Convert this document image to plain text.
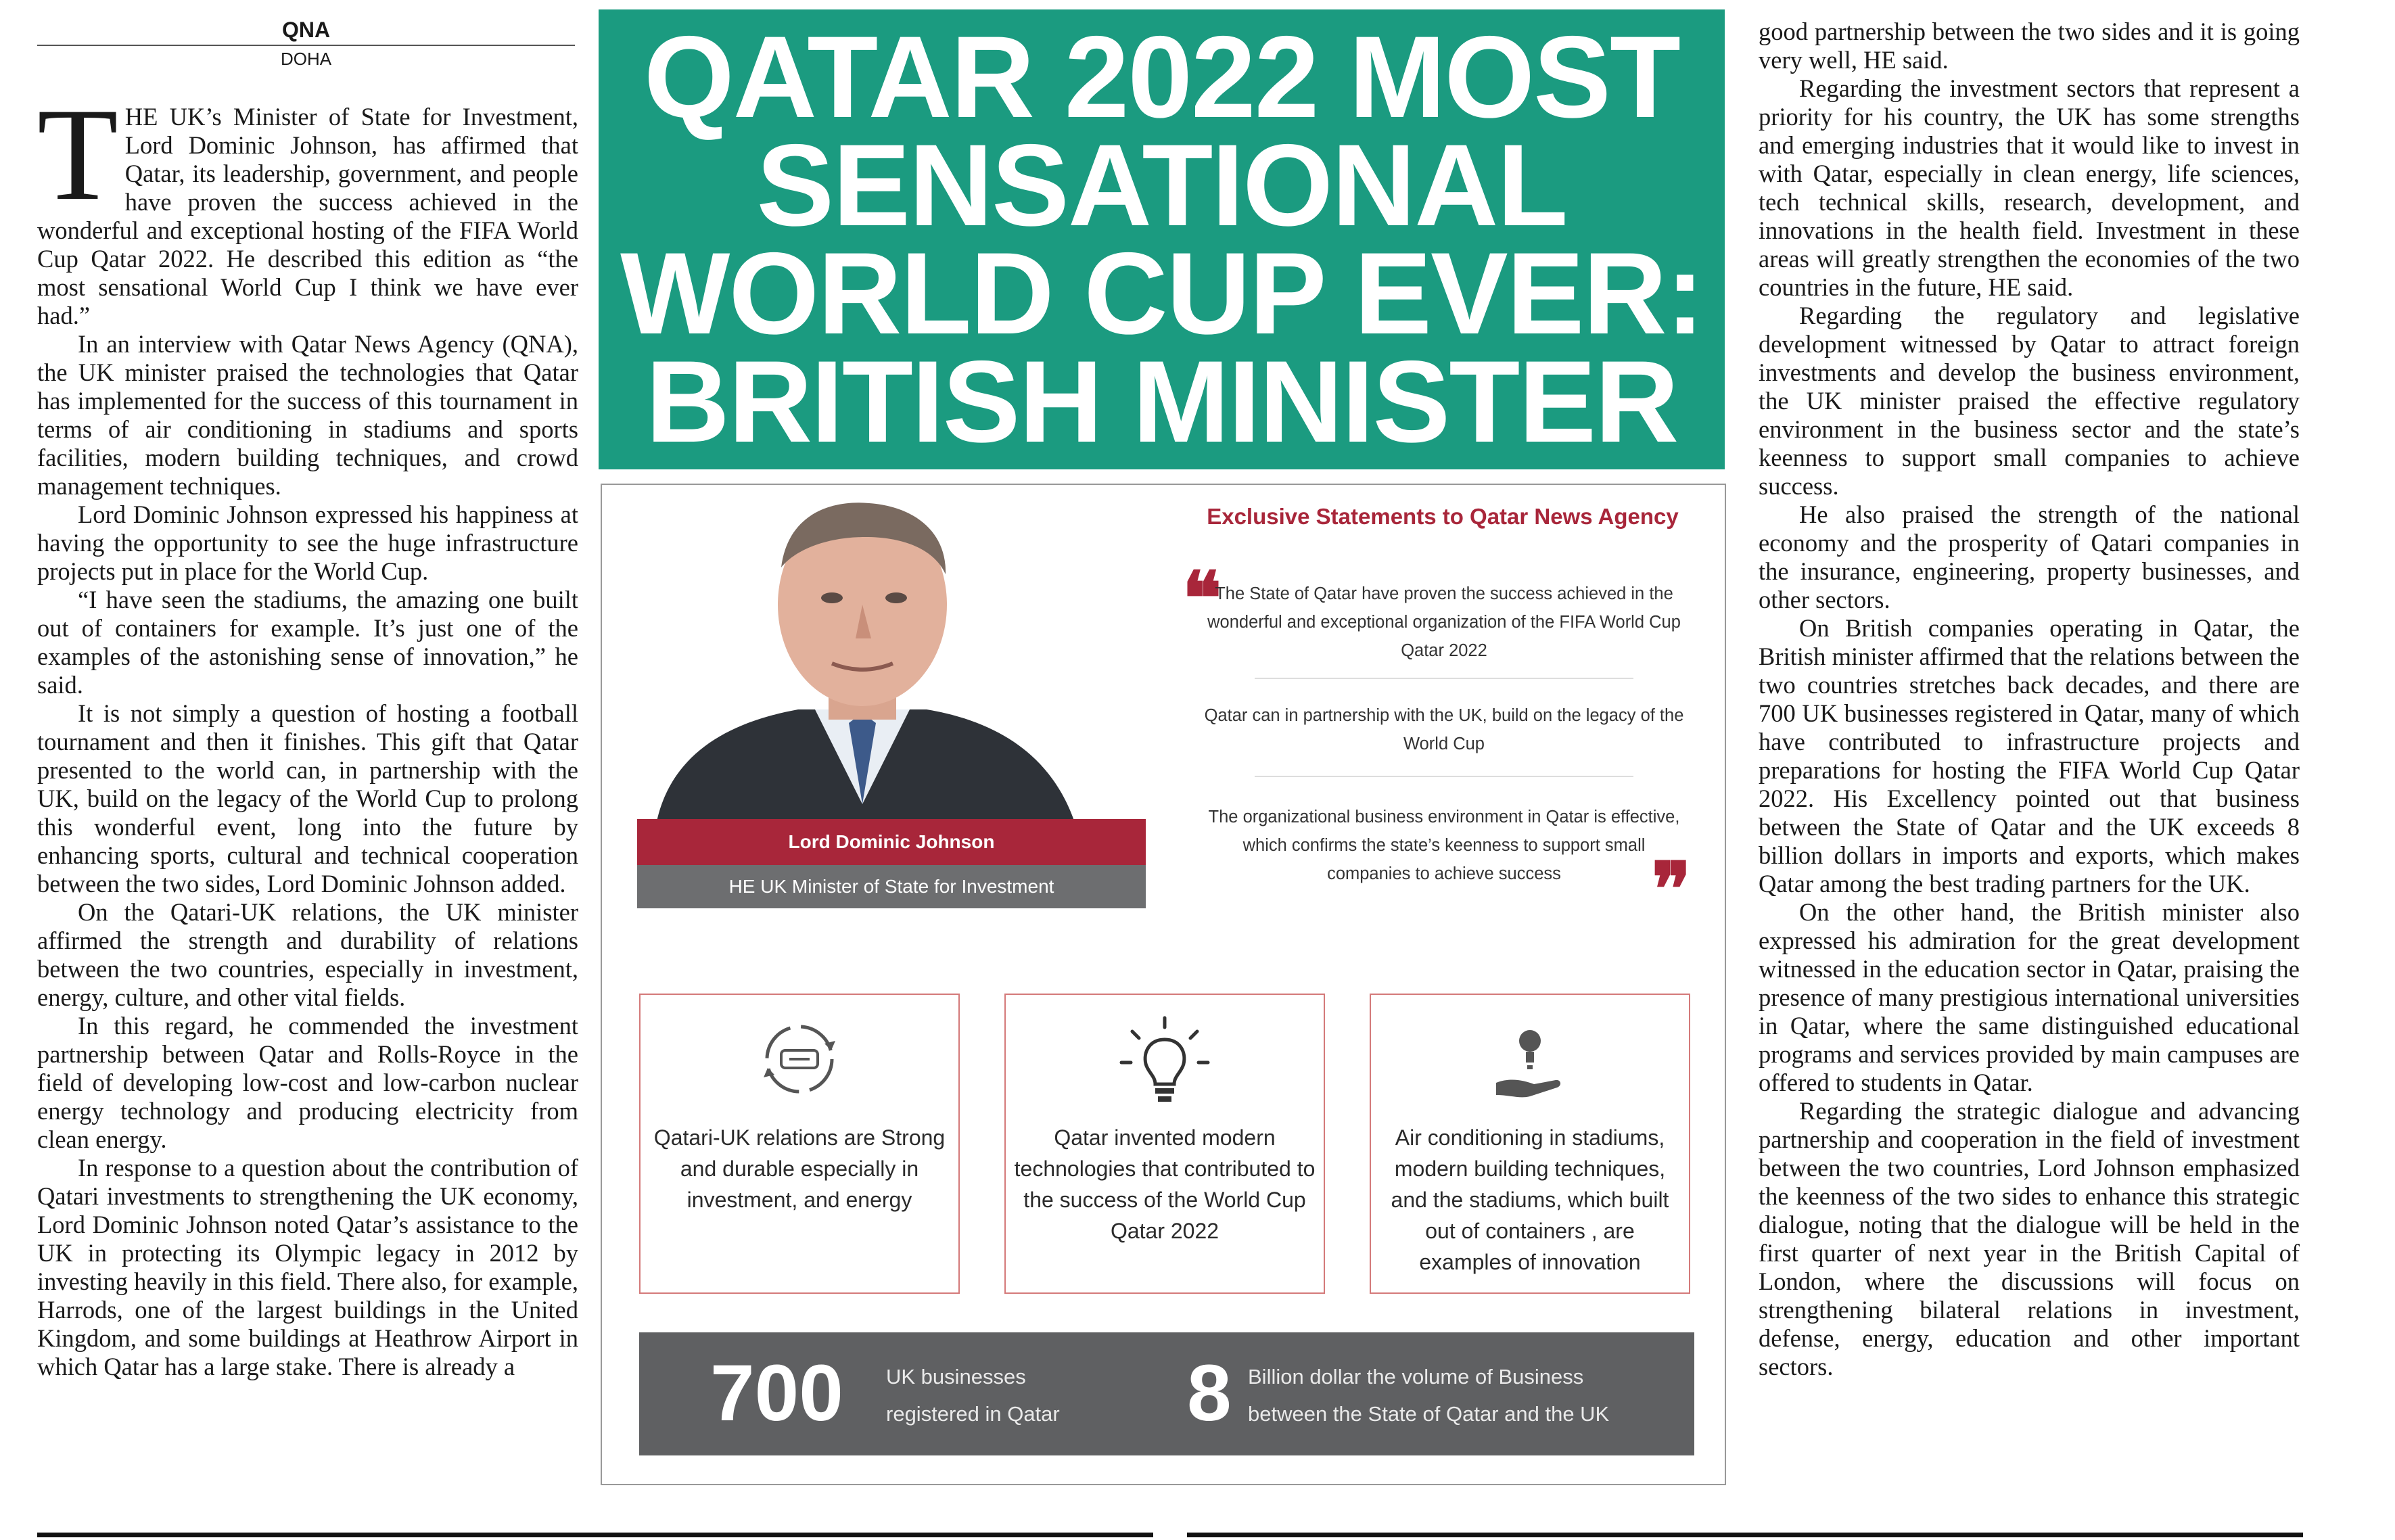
QNA
DOHA

THE UK’s Minister of State for Investment, Lord Dominic Johnson, has affirmed that Qatar, its leadership, government, and people have proven the success achieved in the wonderful and exceptional hosting of the FIFA World Cup Qatar 2022. He described this edition as “the most sensational World Cup I think we have ever had.”

In an interview with Qatar News Agency (QNA), the UK minister praised the technologies that Qatar has implemented for the success of this tournament in terms of air conditioning in stadiums and sports facilities, modern building techniques, and crowd management techniques.

Lord Dominic Johnson expressed his happiness at having the opportunity to see the huge infrastructure projects put in place for the World Cup.

“I have seen the stadiums, the amazing one built out of containers for example. It’s just one of the examples of the astonishing sense of innovation,” he said.

It is not simply a question of hosting a football tournament and then it finishes. This gift that Qatar presented to the world can, in partnership with the UK, build on the legacy of the World Cup to prolong this wonderful event, long into the future by enhancing sports, cultural and technical cooperation between the two sides, Lord Dominic Johnson added.

On the Qatari-UK relations, the UK minister affirmed the strength and durability of relations between the two countries, especially in investment, energy, culture, and other vital fields.

In this regard, he commended the investment partnership between Qatar and Rolls-Royce in the field of developing low-cost and low-carbon nuclear energy technology and producing electricity from clean energy.

In response to a question about the contribution of Qatari investments to strengthening the UK economy, Lord Dominic Johnson noted Qatar’s assistance to the UK in protecting its Olympic legacy in 2012 by investing heavily in this field. There also, for example, Harrods, one of the largest buildings in the United Kingdom, and some buildings at Heathrow Airport in which Qatar has a large stake. There is already a

QATAR 2022 MOST
SENSATIONAL
WORLD CUP EVER:
BRITISH MINISTER
Lord Dominic Johnson
HE UK Minister of State for Investment
Exclusive Statements to Qatar News Agency
❝
The State of Qatar have proven the success achieved in the wonderful and exceptional organization of the FIFA World Cup Qatar 2022
Qatar can in partnership with the UK, build on the legacy of the World Cup
The organizational business environment in Qatar is effective, which confirms the state’s keenness to support small companies to achieve success	❞
Qatari-UK relations are Strong and durable especially in investment, and energy
Qatar invented modern technologies that contributed to the success of the World Cup Qatar 2022
Air conditioning in stadiums, modern building techniques, and the stadiums, which built out of containers , are examples of innovation
700 UK businesses
registered in Qatar 8 Billion dollar the volume of Business
between the State of Qatar and the UK

good partnership between the two sides and it is going very well, HE said.

Regarding the investment sectors that represent a priority for his country, the UK has some strengths and emerging industries that it would like to invest in with Qatar, especially in clean energy, life sciences, tech technical skills, research, development, and innovations in the health field. Investment in these areas will greatly strengthen the economies of the two countries in the future, HE said.

Regarding the regulatory and legislative development witnessed by Qatar to attract foreign investments and develop the business environment, the UK minister praised the effective regulatory environment in the business sector and the state’s keenness to support small companies to achieve success.

He also praised the strength of the national economy and the prosperity of Qatari companies in the insurance, engineering, property businesses, and other sectors.

On British companies operating in Qatar, the British minister affirmed that the relations between the two countries stretches back decades, and there are 700 UK businesses registered in Qatar, many of which have contributed to infrastructure projects and preparations for hosting the FIFA World Cup Qatar 2022. His Excellency pointed out that business between the State of Qatar and the UK exceeds 8 billion dollars in imports and exports, which makes Qatar among the best trading partners for the UK.

On the other hand, the British minister also expressed his admiration for the great development witnessed in the education sector in Qatar, praising the presence of many prestigious international universities in Qatar, where the same distinguished educational programs and services provided by main campuses are offered to students in Qatar.

Regarding the strategic dialogue and advancing partnership and cooperation in the field of investment between the two countries, Lord Johnson emphasized the keenness of the two sides to enhance this strategic dialogue, noting that the dialogue will be held in the first quarter of next year in the British Capital of London, where the discussions will focus on strengthening bilateral relations in investment, defense, energy, education and other important sectors.
